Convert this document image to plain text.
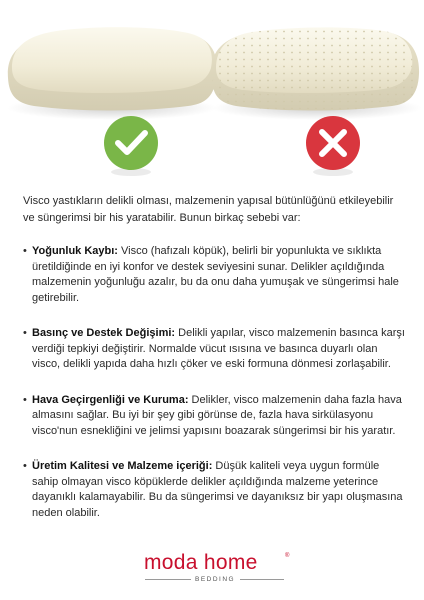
Visco yastıkların delikli olması, malzemenin yapısal bütünlüğünü etkileyebilir ve süngerimsi bir his yaratabilir. Bunun birkaç sebebi var:

• Yoğunluk Kaybı: Visco (hafızalı köpük), belirli bir yopunlukta ve sıklıkta üretildiğinde en iyi konfor ve destek seviyesini sunar. Delikler açıldığında malzemenin yoğunluğu azalır, bu da onu daha yumuşak ve süngerimsi hale getirebilir.
• Basınç ve Destek Değişimi: Delikli yapılar, visco malzemenin basınca karşı verdiği tepkiyi değiştirir. Normalde vücut ısısına ve basınca duyarlı olan visco, delikli yapıda daha hızlı çöker ve eski formuna dönmesi zorlaşabilir.
• Hava Geçirgenliği ve Kuruma: Delikler, visco malzemenin daha fazla hava almasını sağlar. Bu iyi bir şey gibi görünse de, fazla hava sirkülasyonu visco'nun esnekliğini ve jelimsi yapısını boazarak süngerimsi bir his yaratır.
• Üretim Kalitesi ve Malzeme içeriği: Düşük kaliteli veya uygun formüle sahip olmayan visco köpüklerde delikler açıldığında malzeme yeterince dayanıklı kalamayabilir. Bu da süngerimsi ve dayanıksız bir yapı oluşmasına neden olabilir.
moda home	®
BEDDING
